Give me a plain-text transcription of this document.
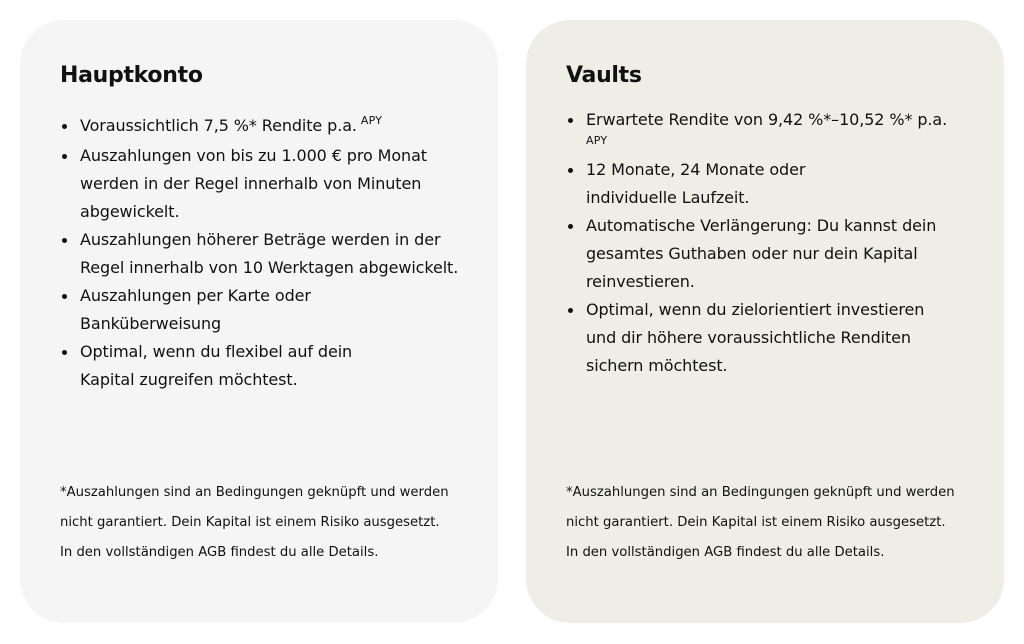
Hauptkonto
Voraussichtlich 7,5 %* Rendite p.a. $^{APY}$
Auszahlungen von bis zu 1.000 € pro Monat werden in der Regel innerhalb von Minuten abgewickelt.
Auszahlungen höherer Beträge werden in der Regel innerhalb von 10 Werktagen abgewickelt.
Auszahlungen per Karte oder Banküberweisung
Optimal, wenn du flexibel auf dein Kapital zugreifen möchtest.
*Auszahlungen sind an Bedingungen geknüpft und werden
nicht garantiert. Dein Kapital ist einem Risiko ausgesetzt.
In den vollständigen AGB findest du alle Details.
Vaults
Erwartete Rendite von 9,42 %*–10,52 %* p.a.
APY
12 Monate, 24 Monate oder individuelle Laufzeit.
Automatische Verlängerung: Du kannst dein gesamtes Guthaben oder nur dein Kapital reinvestieren.
Optimal, wenn du zielorientiert investieren und dir höhere voraussichtliche Renditen sichern möchtest.
*Auszahlungen sind an Bedingungen geknüpft und werden
nicht garantiert. Dein Kapital ist einem Risiko ausgesetzt.
In den vollständigen AGB findest du alle Details.
